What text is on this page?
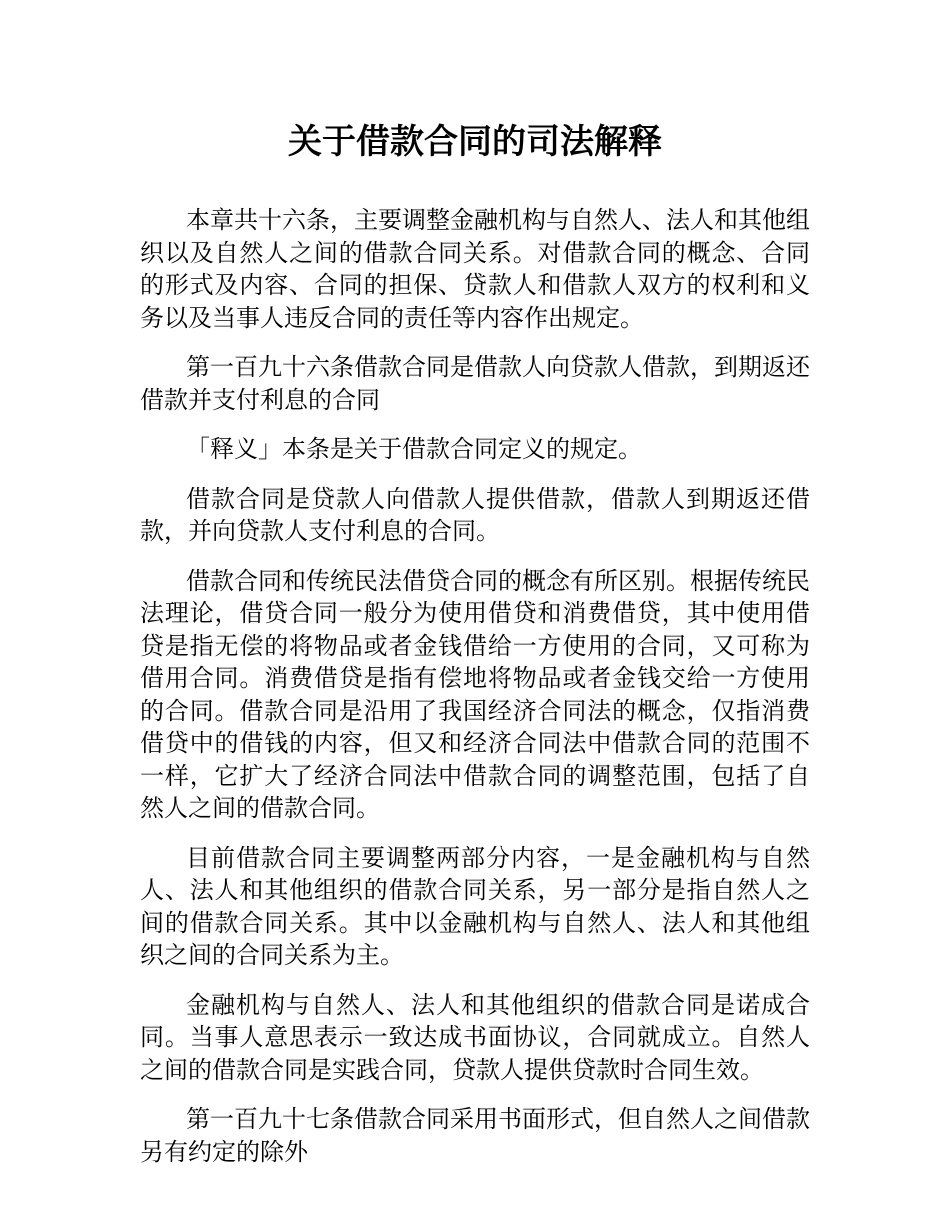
关于借款合同的司法解释

本章共十六条，主要调整金融机构与自然人、法人和其他组织以及自然人之间的借款合同关系。对借款合同的概念、合同的形式及内容、合同的担保、贷款人和借款人双方的权利和义务以及当事人违反合同的责任等内容作出规定。

第一百九十六条借款合同是借款人向贷款人借款，到期返还借款并支付利息的合同

「释义」本条是关于借款合同定义的规定。

借款合同是贷款人向借款人提供借款，借款人到期返还借款，并向贷款人支付利息的合同。

借款合同和传统民法借贷合同的概念有所区别。根据传统民法理论，借贷合同一般分为使用借贷和消费借贷，其中使用借贷是指无偿的将物品或者金钱借给一方使用的合同，又可称为借用合同。消费借贷是指有偿地将物品或者金钱交给一方使用的合同。借款合同是沿用了我国经济合同法的概念，仅指消费借贷中的借钱的内容，但又和经济合同法中借款合同的范围不一样，它扩大了经济合同法中借款合同的调整范围，包括了自然人之间的借款合同。

目前借款合同主要调整两部分内容，一是金融机构与自然人、法人和其他组织的借款合同关系，另一部分是指自然人之间的借款合同关系。其中以金融机构与自然人、法人和其他组织之间的合同关系为主。

金融机构与自然人、法人和其他组织的借款合同是诺成合同。当事人意思表示一致达成书面协议，合同就成立。自然人之间的借款合同是实践合同，贷款人提供贷款时合同生效。

第一百九十七条借款合同采用书面形式，但自然人之间借款另有约定的除外
